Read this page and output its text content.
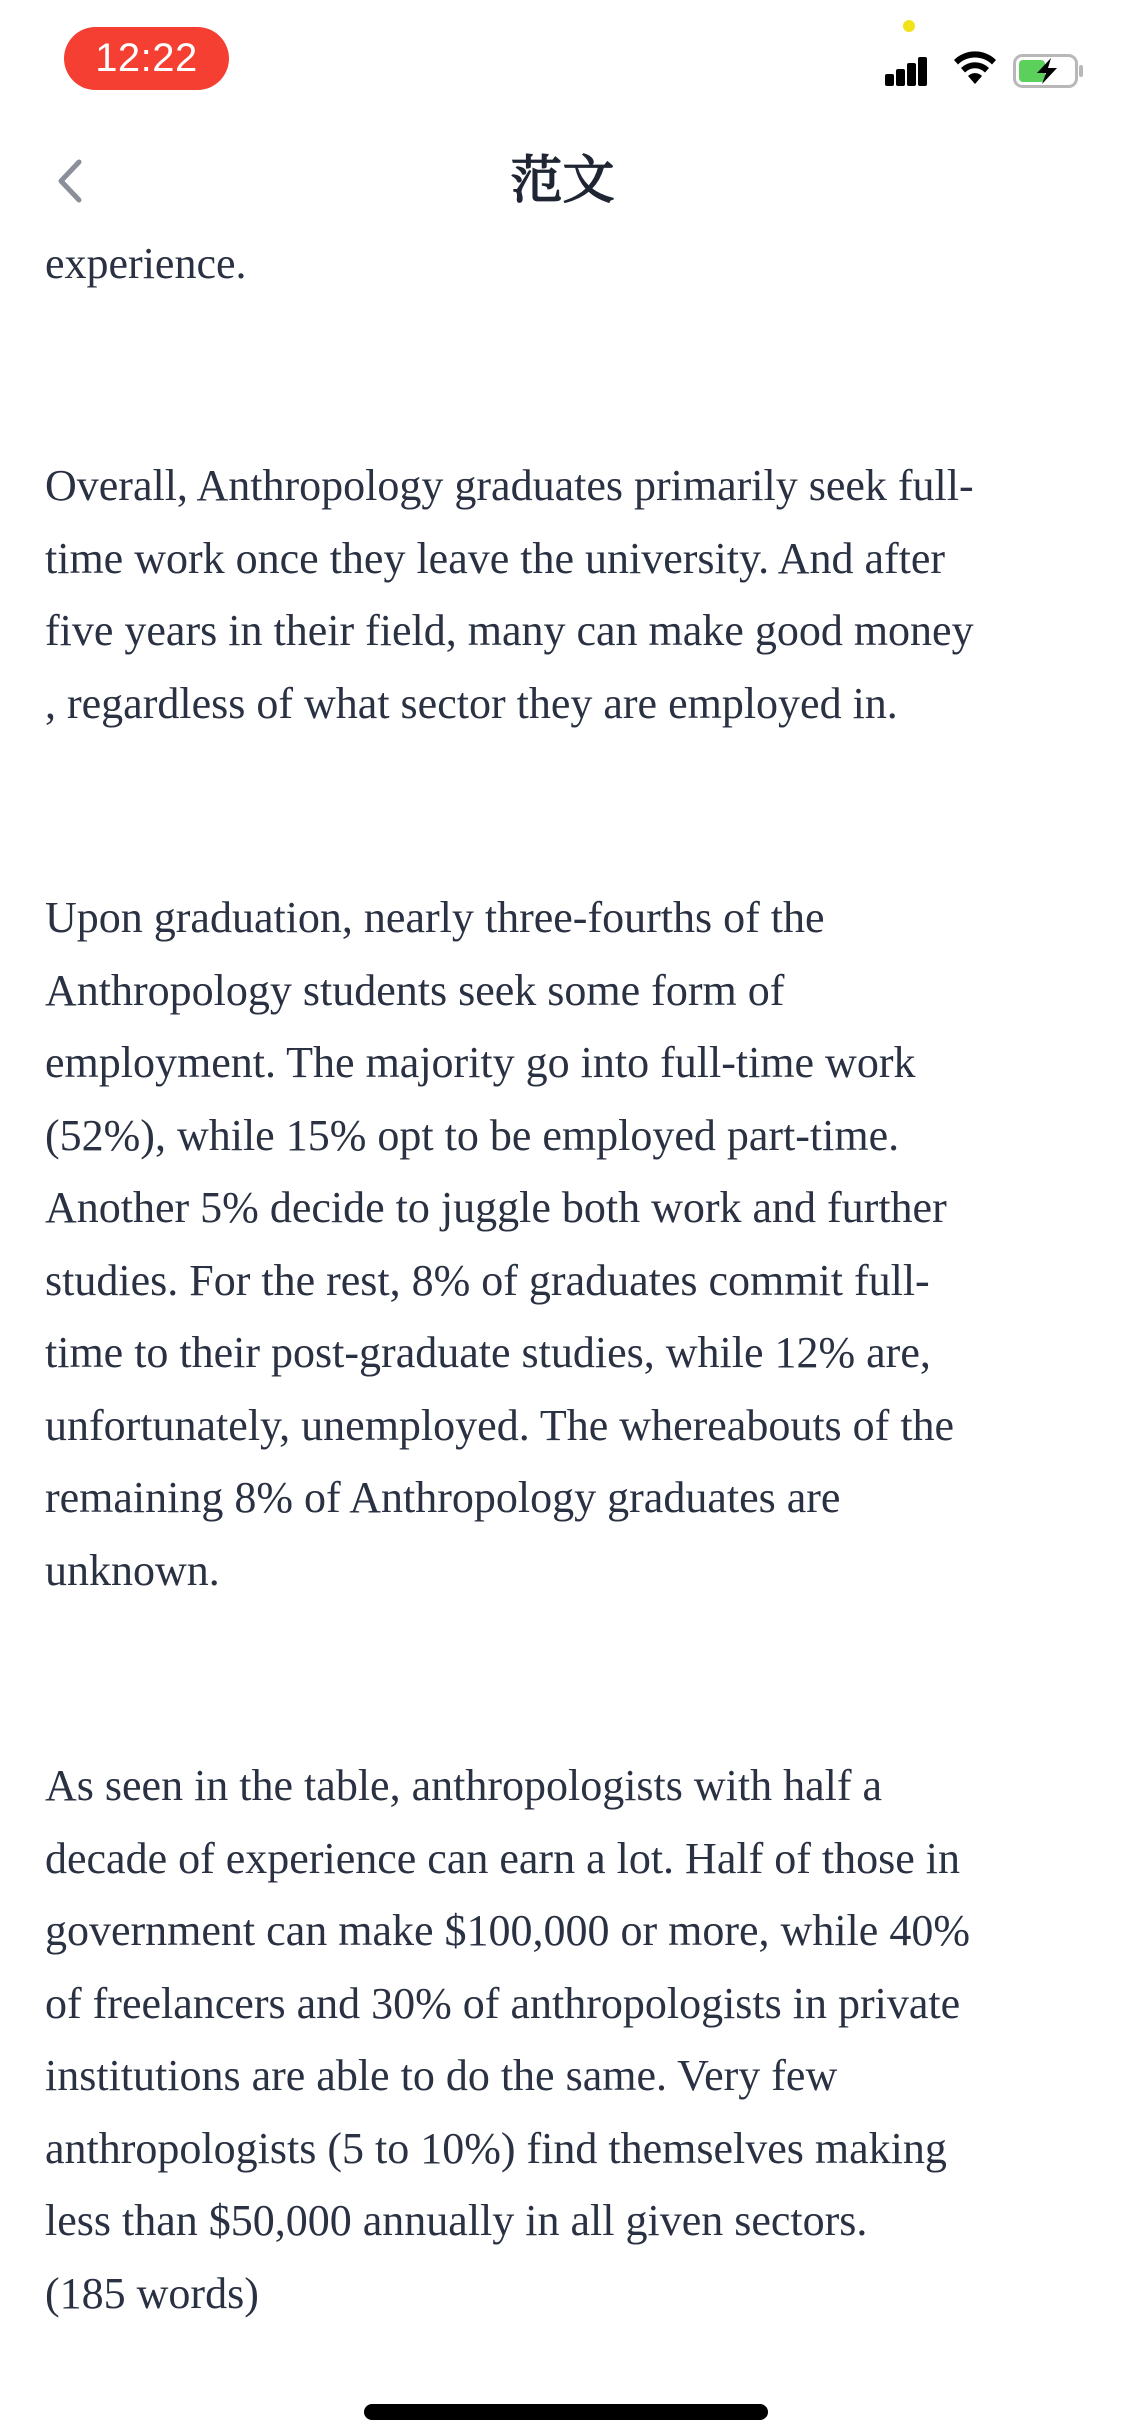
12:22
范文

experience.

Overall, Anthropology graduates primarily seek full-
time work once they leave the university. And after
five years in their field, many can make good money
, regardless of what sector they are employed in.

Upon graduation, nearly three-fourths of the
Anthropology students seek some form of
employment. The majority go into full-time work
(52%), while 15% opt to be employed part-time.
Another 5% decide to juggle both work and further
studies. For the rest, 8% of graduates commit full-
time to their post-graduate studies, while 12% are,
unfortunately, unemployed. The whereabouts of the
remaining 8% of Anthropology graduates are
unknown.

As seen in the table, anthropologists with half a
decade of experience can earn a lot. Half of those in
government can make $100,000 or more, while 40%
of freelancers and 30% of anthropologists in private
institutions are able to do the same. Very few
anthropologists (5 to 10%) find themselves making
less than $50,000 annually in all given sectors.

(185 words)
